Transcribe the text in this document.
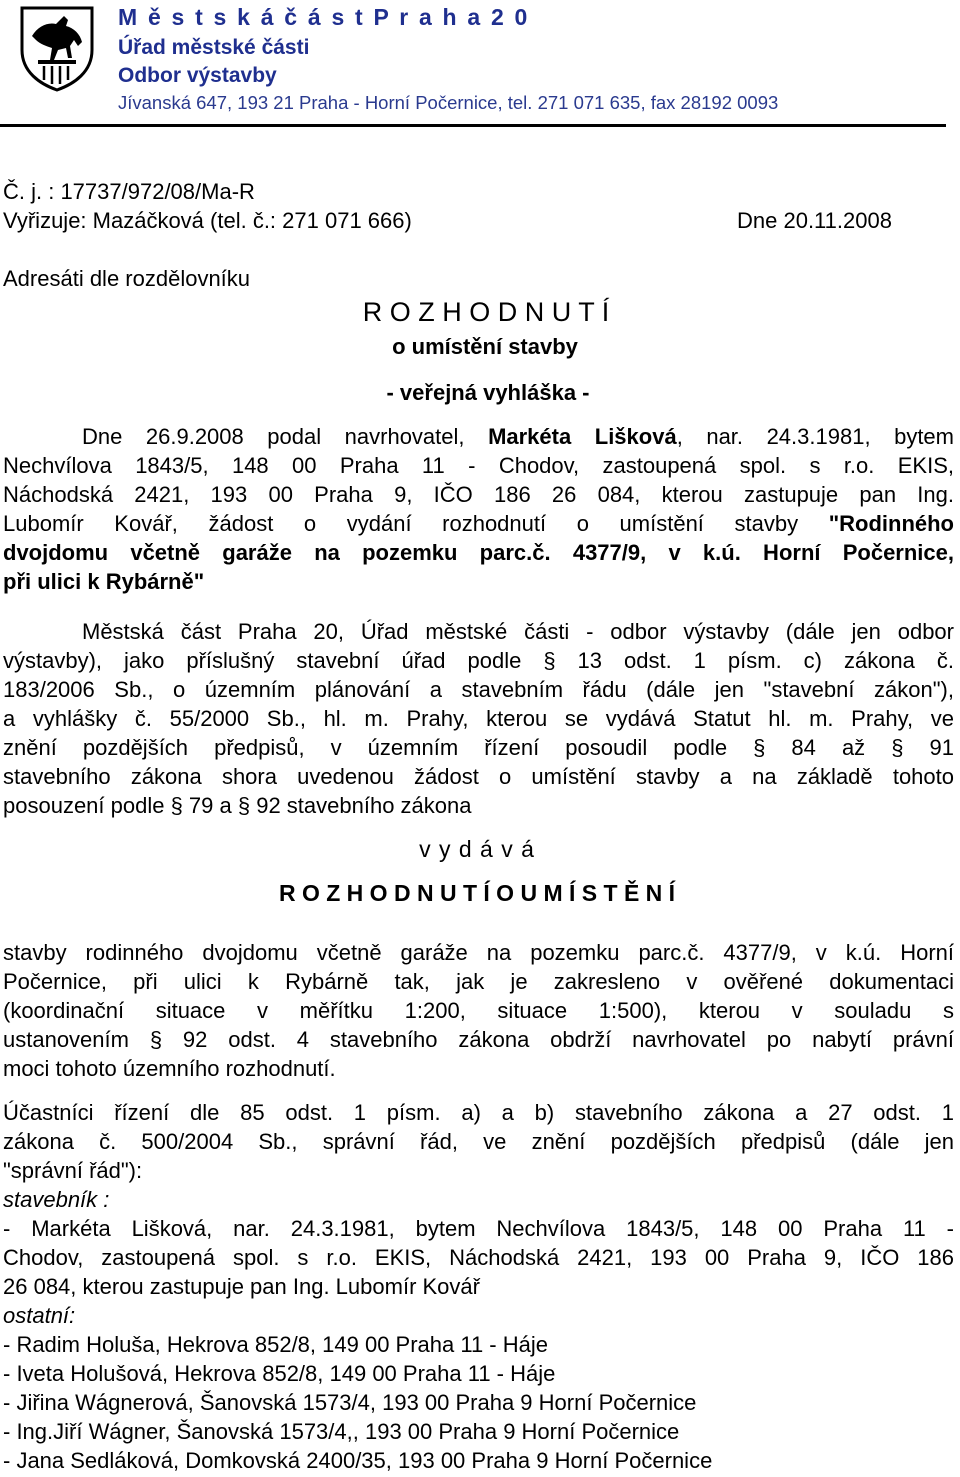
M ě s t s k á č á s t P r a h a 2 0
Úřad městské části
Odbor výstavby
Jívanská 647, 193 21 Praha - Horní Počernice, tel. 271 071 635, fax 28192 0093
Č. j. : 17737/972/08/Ma-R
Vyřizuje: Mazáčková (tel. č.: 271 071 666)	Dne 20.11.2008
Adresáti dle rozdělovníku
R O Z H O D N U T Í
o umístění stavby
- veřejná vyhláška -
Dne 26.9.2008 podal navrhovatel, Markéta Lišková, nar. 24.3.1981, bytem
Nechvílova 1843/5, 148 00 Praha 11 - Chodov, zastoupená spol. s r.o. EKIS,
Náchodská 2421, 193 00 Praha 9, IČO 186 26 084, kterou zastupuje pan Ing.
Lubomír Kovář, žádost o vydání rozhodnutí o umístění stavby "Rodinného
dvojdomu včetně garáže na pozemku parc.č. 4377/9, v k.ú. Horní Počernice,
při ulici k Rybárně"
Městská část Praha 20, Úřad městské části - odbor výstavby (dále jen odbor
výstavby), jako příslušný stavební úřad podle § 13 odst. 1 písm. c) zákona č.
183/2006 Sb., o územním plánování a stavebním řádu (dále jen "stavební zákon"),
a vyhlášky č. 55/2000 Sb., hl. m. Prahy, kterou se vydává Statut hl. m. Prahy, ve
znění pozdějších předpisů, v územním řízení posoudil podle § 84 až § 91
stavebního zákona shora uvedenou žádost o umístění stavby a na základě tohoto
posouzení podle § 79 a § 92 stavebního zákona
v y d á v á
R O Z H O D N U T Í O U M Í S T Ě N Í
stavby rodinného dvojdomu včetně garáže na pozemku parc.č. 4377/9, v k.ú. Horní
Počernice, při ulici k Rybárně tak, jak je zakresleno v ověřené dokumentaci
(koordinační situace v měřítku 1:200, situace 1:500), kterou v souladu s
ustanovením § 92 odst. 4 stavebního zákona obdrží navrhovatel po nabytí právní
moci tohoto územního rozhodnutí.
Účastníci řízení dle 85 odst. 1 písm. a) a b) stavebního zákona a 27 odst. 1
zákona č. 500/2004 Sb., správní řád, ve znění pozdějších předpisů (dále jen
"správní řád"):
stavebník :
- Markéta Lišková, nar. 24.3.1981, bytem Nechvílova 1843/5, 148 00 Praha 11 -
Chodov, zastoupená spol. s r.o. EKIS, Náchodská 2421, 193 00 Praha 9, IČO 186
26 084, kterou zastupuje pan Ing. Lubomír Kovář
ostatní:
- Radim Holuša, Hekrova 852/8, 149 00 Praha 11 - Háje
- Iveta Holušová, Hekrova 852/8, 149 00 Praha 11 - Háje
- Jiřina Wágnerová, Šanovská 1573/4, 193 00 Praha 9 Horní Počernice
- Ing.Jiří Wágner, Šanovská 1573/4,, 193 00 Praha 9 Horní Počernice
- Jana Sedláková, Domkovská 2400/35, 193 00 Praha 9 Horní Počernice
